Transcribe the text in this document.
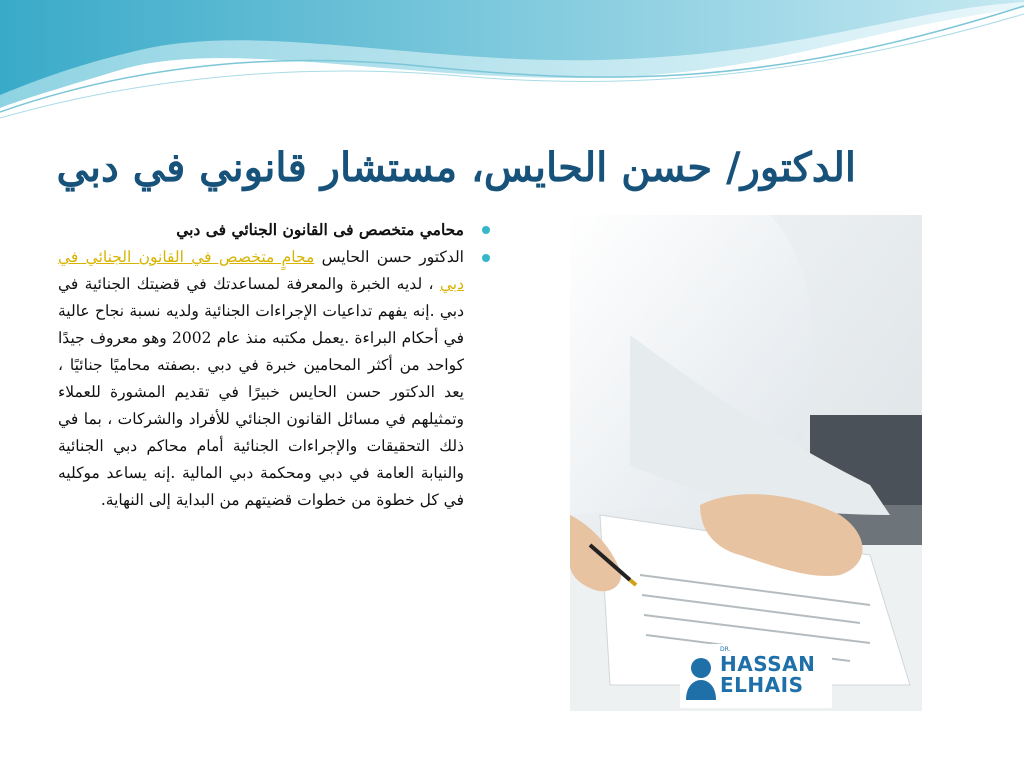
الدكتور/ حسن الحايس، مستشار قانوني في دبي
محامي متخصص فى القانون الجنائي فى دبي
الدكتور حسن الحايس محامٍ متخصص في القانون الجنائي في دبي ، لديه الخبرة والمعرفة لمساعدتك في قضيتك الجنائية في دبي .إنه يفهم تداعيات الإجراءات الجنائية ولديه نسبة نجاح عالية في أحكام البراءة .يعمل مكتبه منذ عام 2002 وهو معروف جيدًا كواحد من أكثر المحامين خبرة في دبي .بصفته محاميًا جنائيًا ، يعد الدكتور حسن الحايس خبيرًا في تقديم المشورة للعملاء وتمثيلهم في مسائل القانون الجنائي للأفراد والشركات ، بما في ذلك التحقيقات والإجراءات الجنائية أمام محاكم دبي الجنائية والنيابة العامة في دبي ومحكمة دبي المالية .إنه يساعد موكليه في كل خطوة من خطوات قضيتهم من البداية إلى النهاية.
DR.
HASSAN
ELHAIS
